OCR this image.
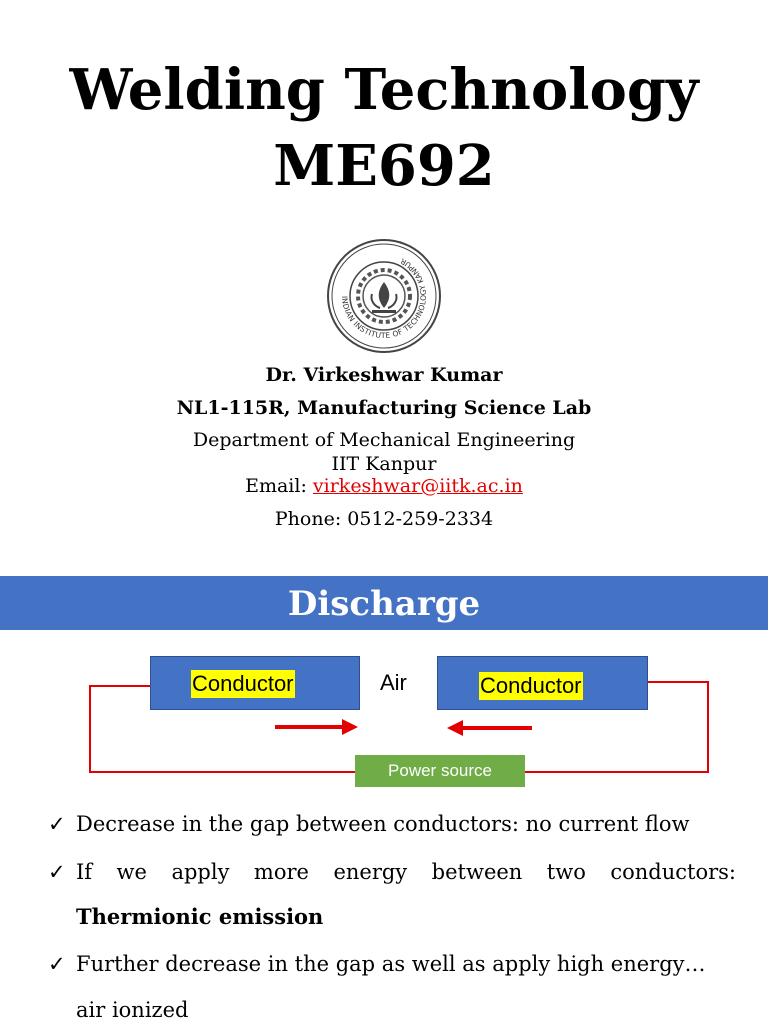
Welding Technology
ME692
INDIAN INSTITUTE OF TECHNOLOGY KANPUR
Dr. Virkeshwar Kumar
NL1-115R, Manufacturing Science Lab
Department of Mechanical Engineering
IIT Kanpur
Email: virkeshwar@iitk.ac.in
Phone: 0512-259-2334
Discharge
Conductor	Air	Conductor
Power source
✓ Decrease in the gap between conductors: no current flow
✓ If we apply more energy between two conductors:
Thermionic emission
✓ Further decrease in the gap as well as apply high energy…
air ionized
